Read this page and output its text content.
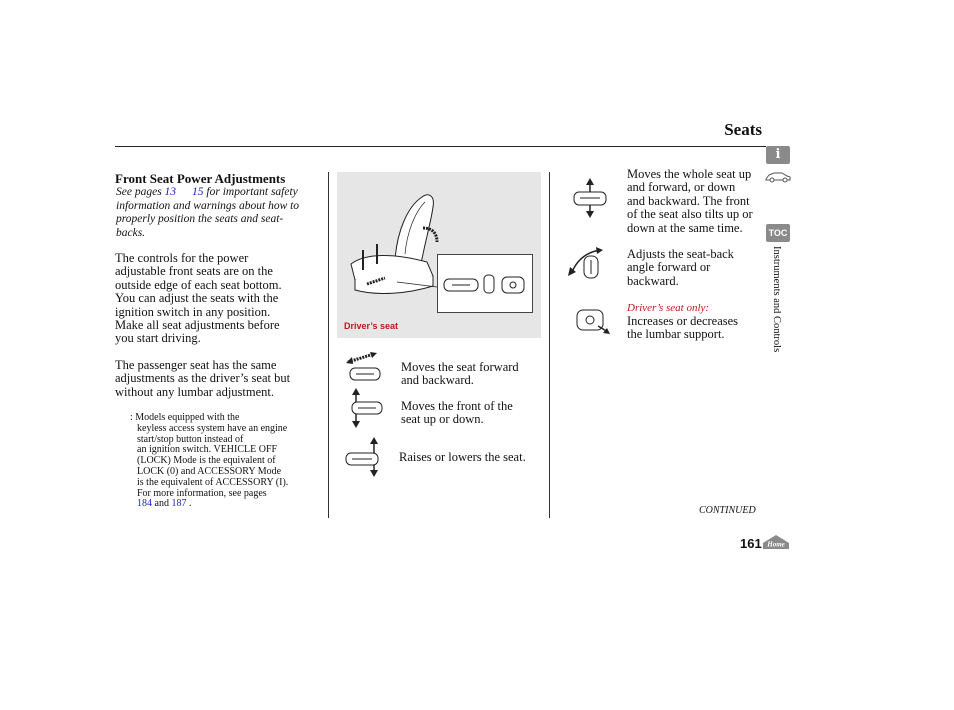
Seats
Front Seat Power Adjustments
See pages 13 15 for important safety
information and warnings about how to
properly position the seats and seat-
backs.
The controls for the power
adjustable front seats are on the
outside edge of each seat bottom.
You can adjust the seats with the
ignition switch in any position.
Make all seat adjustments before
you start driving.
The passenger seat has the same
adjustments as the driver’s seat but
without any lumbar adjustment.
: Models equipped with the
keyless access system have an engine
start/stop button instead of
an ignition switch. VEHICLE OFF
(LOCK) Mode is the equivalent of
LOCK (0) and ACCESSORY Mode
is the equivalent of ACCESSORY (I).
For more information, see pages
184 and 187 .
Driver’s seat
Moves the seat forward
and backward.
Moves the front of the
seat up or down.
Raises or lowers the seat.
Moves the whole seat up
and forward, or down
and backward. The front
of the seat also tilts up or
down at the same time.
Adjusts the seat-back
angle forward or
backward.
Driver’s seat only:
Increases or decreases
the lumbar support.
i
TOC
Instruments and Controls
CONTINUED
161 Home
